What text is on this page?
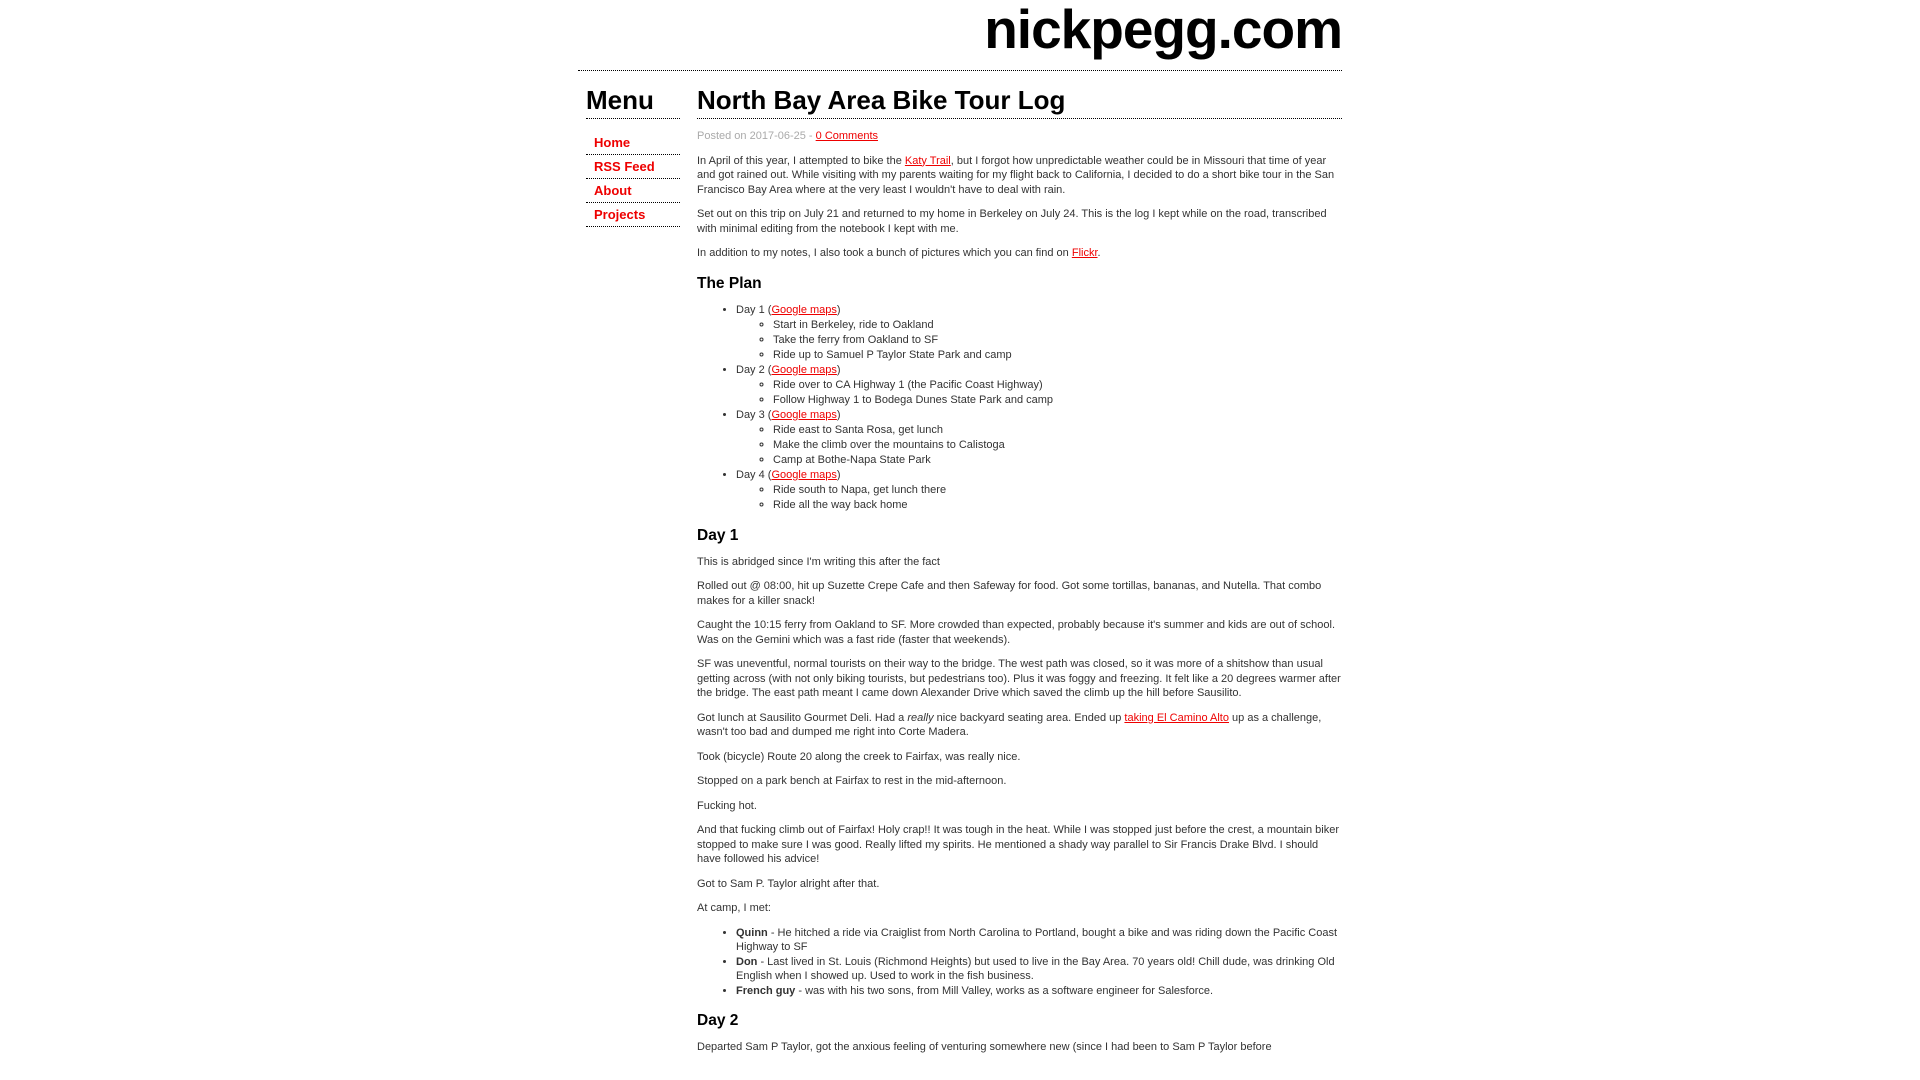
nickpegg.com
Menu
Home
RSS Feed
About
Projects
North Bay Area Bike Tour Log

Posted on 2017-06-25 - 0 Comments

In April of this year, I attempted to bike the Katy Trail, but I forgot how unpredictable weather could be in Missouri that time of year and got rained out. While visiting with my parents waiting for my flight back to California, I decided to do a short bike tour in the San Francisco Bay Area where at the very least I wouldn't have to deal with rain.

Set out on this trip on July 21 and returned to my home in Berkeley on July 24. This is the log I kept while on the road, transcribed with minimal editing from the notebook I kept with me.

In addition to my notes, I also took a bunch of pictures which you can find on Flickr.

The Plan
• Day 1 (Google maps)
◦ Start in Berkeley, ride to Oakland
◦ Take the ferry from Oakland to SF
◦ Ride up to Samuel P Taylor State Park and camp
• Day 2 (Google maps)
◦ Ride over to CA Highway 1 (the Pacific Coast Highway)
◦ Follow Highway 1 to Bodega Dunes State Park and camp
• Day 3 (Google maps)
◦ Ride east to Santa Rosa, get lunch
◦ Make the climb over the mountains to Calistoga
◦ Camp at Bothe-Napa State Park
• Day 4 (Google maps)
◦ Ride south to Napa, get lunch there
◦ Ride all the way back home
Day 1

This is abridged since I'm writing this after the fact

Rolled out @ 08:00, hit up Suzette Crepe Cafe and then Safeway for food. Got some tortillas, bananas, and Nutella. That combo makes for a killer snack!

Caught the 10:15 ferry from Oakland to SF. More crowded than expected, probably because it's summer and kids are out of school. Was on the Gemini which was a fast ride (faster that weekends).

SF was uneventful, normal tourists on their way to the bridge. The west path was closed, so it was more of a shitshow than usual getting across (with not only biking tourists, but pedestrians too). Plus it was foggy and freezing. It felt like a 20 degrees warmer after the bridge. The east path meant I came down Alexander Drive which saved the climb up the hill before Sausilito.

Got lunch at Sausilito Gourmet Deli. Had a really nice backyard seating area. Ended up taking El Camino Alto up as a challenge, wasn't too bad and dumped me right into Corte Madera.

Took (bicycle) Route 20 along the creek to Fairfax, was really nice.

Stopped on a park bench at Fairfax to rest in the mid-afternoon.

Fucking hot.

And that fucking climb out of Fairfax! Holy crap!! It was tough in the heat. While I was stopped just before the crest, a mountain biker stopped to make sure I was good. Really lifted my spirits. He mentioned a shady way parallel to Sir Francis Drake Blvd. I should have followed his advice!

Got to Sam P. Taylor alright after that.

At camp, I met:

• Quinn - He hitched a ride via Craiglist from North Carolina to Portland, bought a bike and was riding down the Pacific Coast Highway to SF
• Don - Last lived in St. Louis (Richmond Heights) but used to live in the Bay Area. 70 years old! Chill dude, was drinking Old English when I showed up. Used to work in the fish business.
• French guy - was with his two sons, from Mill Valley, works as a software engineer for Salesforce.
Day 2

Departed Sam P Taylor, got the anxious feeling of venturing somewhere new (since I had been to Sam P Taylor before
